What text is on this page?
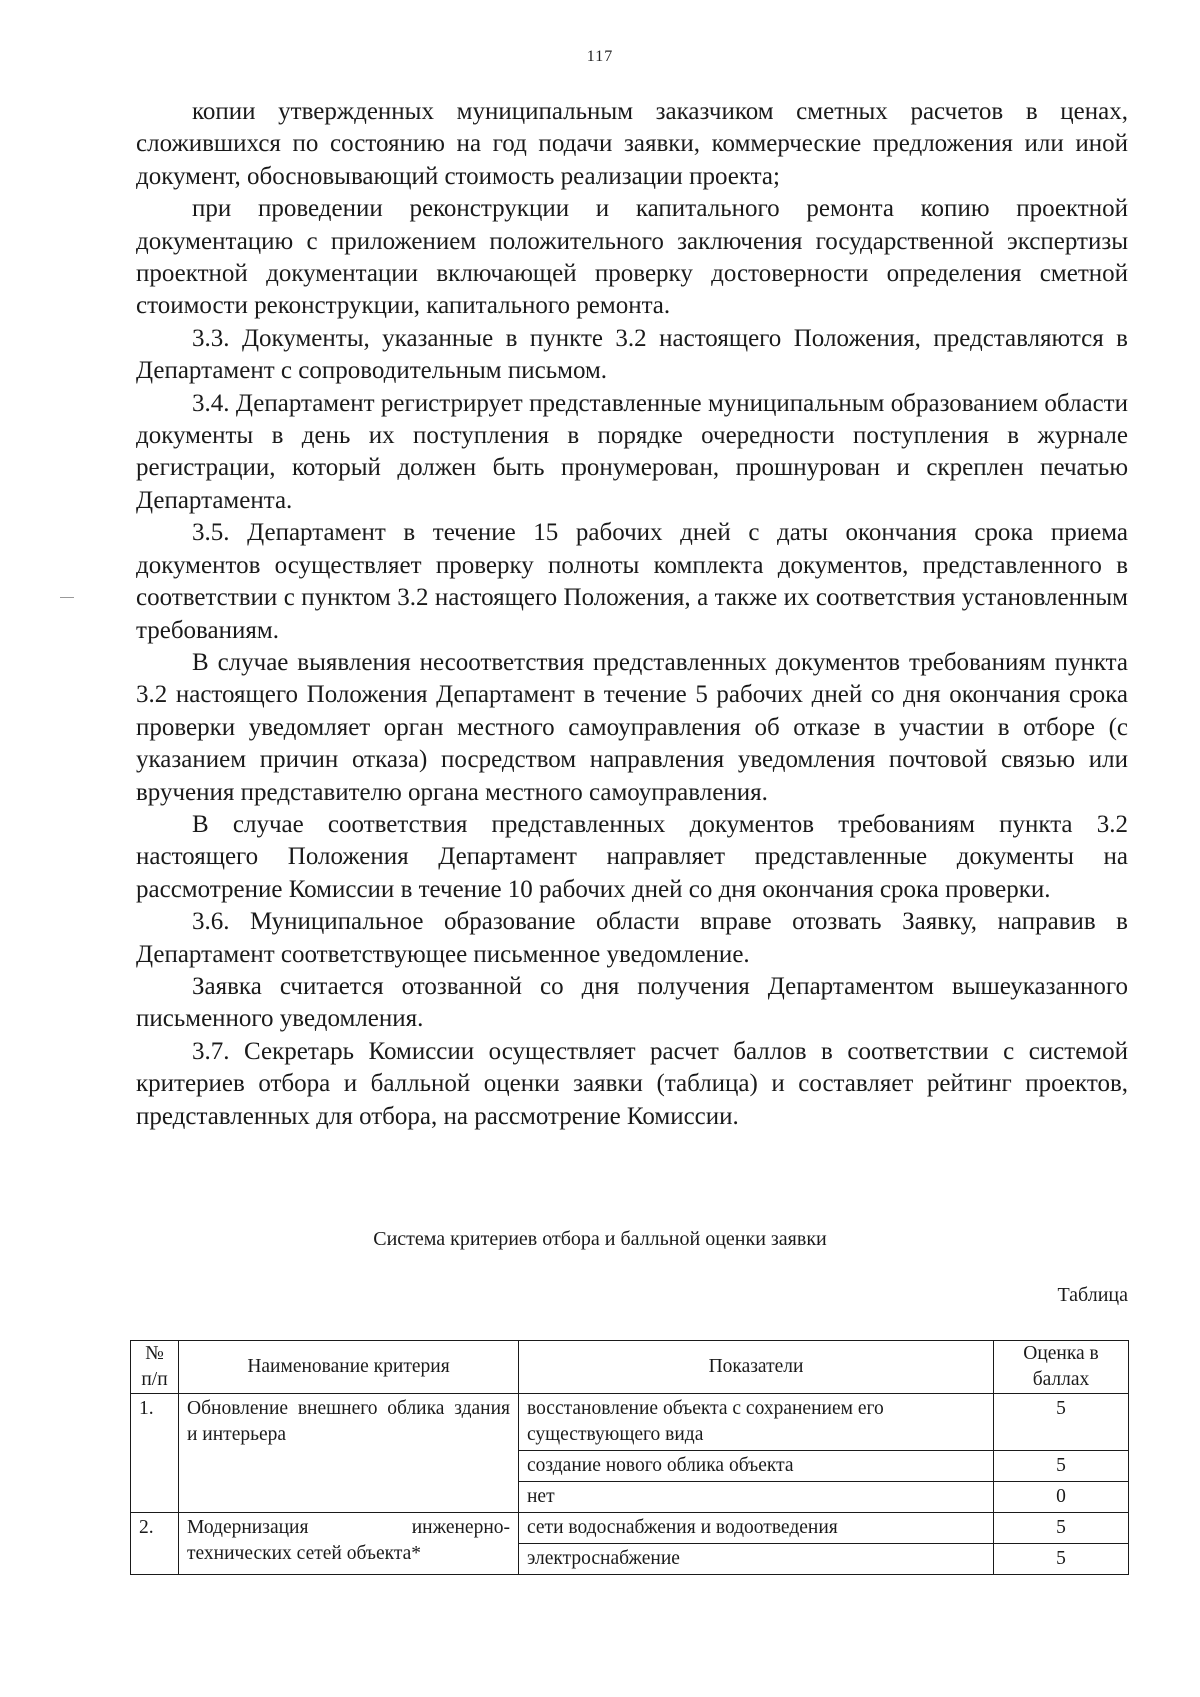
117

копии утвержденных муниципальным заказчиком сметных расчетов в ценах, сложившихся по состоянию на год подачи заявки, коммерческие предложения или иной документ, обосновывающий стоимость реализации проекта;

при проведении реконструкции и капитального ремонта копию проектной документацию с приложением положительного заключения государственной экспертизы проектной документации включающей проверку достоверности определения сметной стоимости реконструкции, капитального ремонта.

3.3. Документы, указанные в пункте 3.2 настоящего Положения, представляются в Департамент с сопроводительным письмом.

3.4. Департамент регистрирует представленные муниципальным образованием области документы в день их поступления в порядке очередности поступления в журнале регистрации, который должен быть пронумерован, прошнурован и скреплен печатью Департамента.

3.5. Департамент в течение 15 рабочих дней с даты окончания срока приема документов осуществляет проверку полноты комплекта документов, представленного в соответствии с пунктом 3.2 настоящего Положения, а также их соответствия установленным требованиям.

В случае выявления несоответствия представленных документов требованиям пункта 3.2 настоящего Положения Департамент в течение 5 рабочих дней со дня окончания срока проверки уведомляет орган местного самоуправления об отказе в участии в отборе (с указанием причин отказа) посредством направления уведомления почтовой связью или вручения представителю органа местного самоуправления.

В случае соответствия представленных документов требованиям пункта 3.2 настоящего Положения Департамент направляет представленные документы на рассмотрение Комиссии в течение 10 рабочих дней со дня окончания срока проверки.

3.6. Муниципальное образование области вправе отозвать Заявку, направив в Департамент соответствующее письменное уведомление.

Заявка считается отозванной со дня получения Департаментом вышеуказанного письменного уведомления.

3.7. Секретарь Комиссии осуществляет расчет баллов в соответствии с системой критериев отбора и балльной оценки заявки (таблица) и составляет рейтинг проектов, представленных для отбора, на рассмотрение Комиссии.

Система критериев отбора и балльной оценки заявки
Таблица
№ п/п	Наименование критерия	Показатели	Оценка в баллах
1.	Обновление внешнего облика здания и интерьера	восстановление объекта с сохранением его существующего вида	5
		создание нового облика объекта	5
		нет	0
2.	Модернизация инженерно-технических сетей объекта*	сети водоснабжения и водоотведения	5
		электроснабжение	5
